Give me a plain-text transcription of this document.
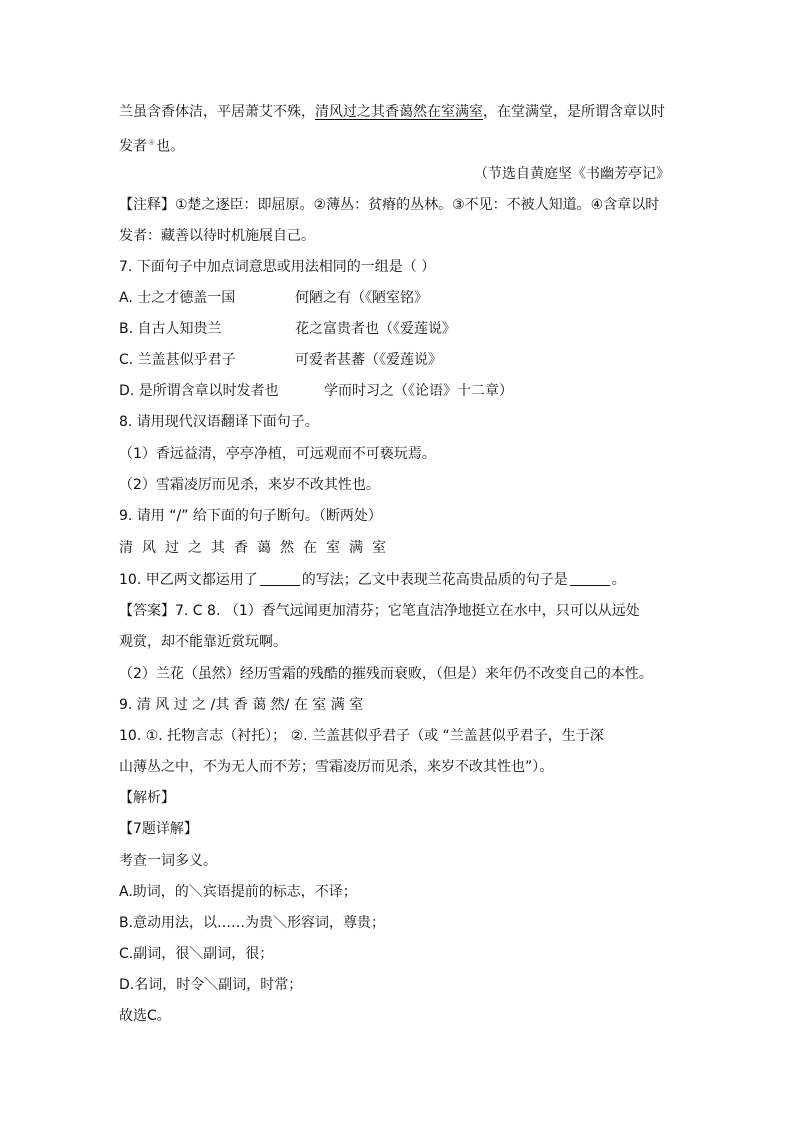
兰虽含香体洁，平居萧艾不殊，清风过之其香蔼然在室满室，在堂满堂，是所谓含章以时
发者④也。
（节选自黄庭坚《书幽芳亭记》
【注释】①楚之逐臣：即屈原。②薄丛：贫瘠的丛林。③不见：不被人知道。④含章以时
发者：藏善以待时机施展自己。
7. 下面句子中加点词意思或用法相同的一组是（ ）
A. 士之才德盖一国	何陋之有（《陋室铭》
B. 自古人知贵兰	花之富贵者也（《爱莲说》
C. 兰盖甚似乎君子	可爱者甚蕃（《爱莲说》
D. 是所谓含章以时发者也	学而时习之（《论语》十二章）
8. 请用现代汉语翻译下面句子。
（1）香远益清，亭亭净植，可远观而不可亵玩焉。
（2）雪霜凌厉而见杀，来岁不改其性也。
9. 请用 “/” 给下面的句子断句。（断两处）
清风过之其香蔼然在室满室
10. 甲乙两文都运用了	的写法；乙文中表现兰花高贵品质的句子是	。
【答案】7. C 8. （1）香气远闻更加清芬；它笔直洁净地挺立在水中，只可以从远处
观赏，却不能靠近赏玩啊。
（2）兰花（虽然）经历雪霜的残酷的摧残而衰败，（但是）来年仍不改变自己的本性。
9. 清 风 过 之 /其 香 蔼 然/ 在 室 满 室
10. ①. 托物言志（衬托）； ②. 兰盖甚似乎君子（或 “兰盖甚似乎君子，生于深
山薄丛之中，不为无人而不芳；雪霜凌厉而见杀，来岁不改其性也”）。
【解析】
【7题详解】
考查一词多义。
A.助词，的＼宾语提前的标志，不译；
B.意动用法，以……为贵＼形容词，尊贵；
C.副词，很＼副词，很；
D.名词，时令＼副词，时常；
故选C。
